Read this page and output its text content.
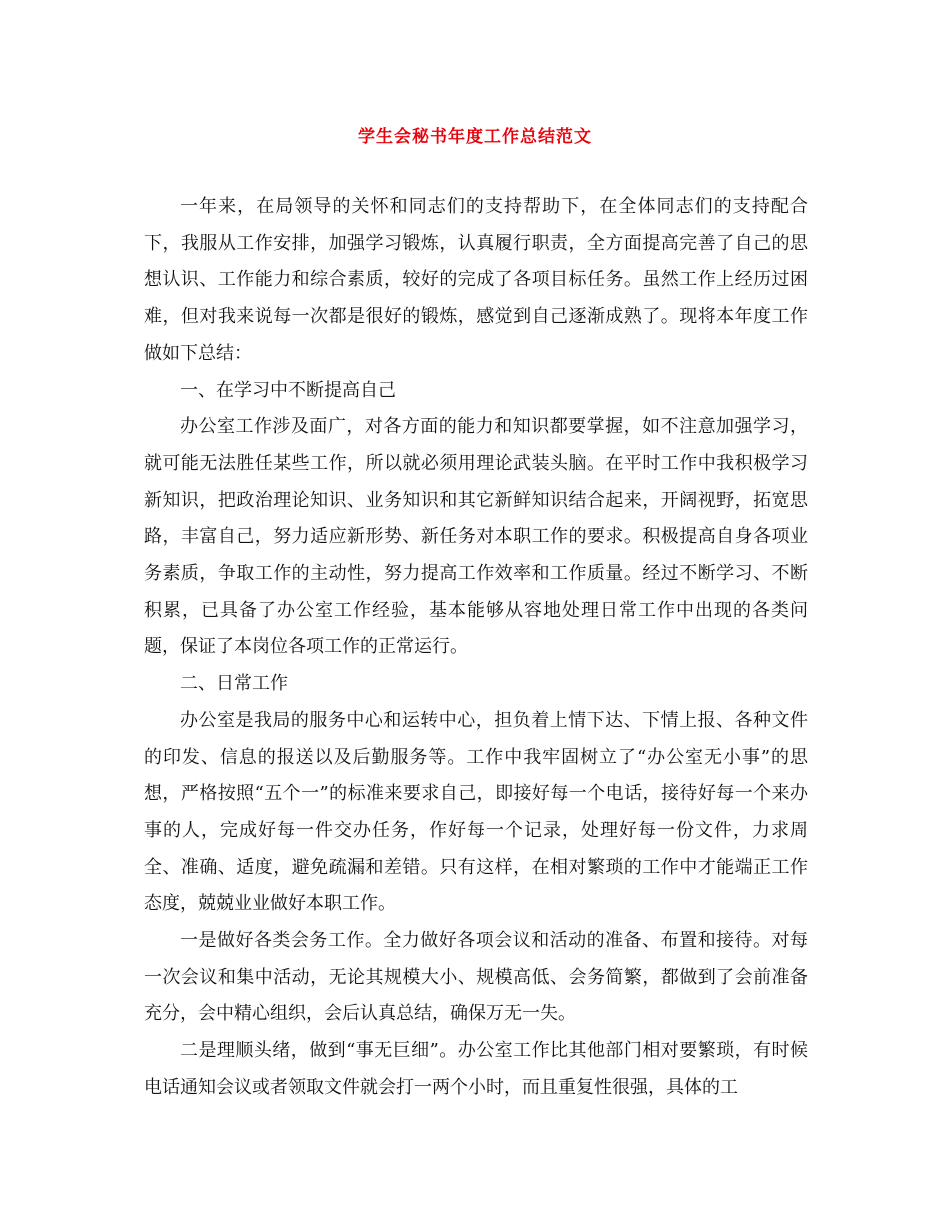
学生会秘书年度工作总结范文

一年来，在局领导的关怀和同志们的支持帮助下，在全体同志们的支持配合下，我服从工作安排，加强学习锻炼，认真履行职责，全方面提高完善了自己的思想认识、工作能力和综合素质，较好的完成了各项目标任务。虽然工作上经历过困难，但对我来说每一次都是很好的锻炼，感觉到自己逐渐成熟了。现将本年度工作做如下总结：

一、在学习中不断提高自己

办公室工作涉及面广，对各方面的能力和知识都要掌握，如不注意加强学习，就可能无法胜任某些工作，所以就必须用理论武装头脑。在平时工作中我积极学习新知识，把政治理论知识、业务知识和其它新鲜知识结合起来，开阔视野，拓宽思路，丰富自己，努力适应新形势、新任务对本职工作的要求。积极提高自身各项业务素质，争取工作的主动性，努力提高工作效率和工作质量。经过不断学习、不断积累，已具备了办公室工作经验，基本能够从容地处理日常工作中出现的各类问题，保证了本岗位各项工作的正常运行。

二、日常工作

办公室是我局的服务中心和运转中心，担负着上情下达、下情上报、各种文件的印发、信息的报送以及后勤服务等。工作中我牢固树立了“办公室无小事”的思想，严格按照“五个一”的标准来要求自己，即接好每一个电话，接待好每一个来办事的人，完成好每一件交办任务，作好每一个记录，处理好每一份文件，力求周全、准确、适度，避免疏漏和差错。只有这样，在相对繁琐的工作中才能端正工作态度，兢兢业业做好本职工作。

一是做好各类会务工作。全力做好各项会议和活动的准备、布置和接待。对每一次会议和集中活动，无论其规模大小、规模高低、会务简繁，都做到了会前准备充分，会中精心组织，会后认真总结，确保万无一失。

二是理顺头绪，做到“事无巨细”。办公室工作比其他部门相对要繁琐，有时候电话通知会议或者领取文件就会打一两个小时，而且重复性很强，具体的工
